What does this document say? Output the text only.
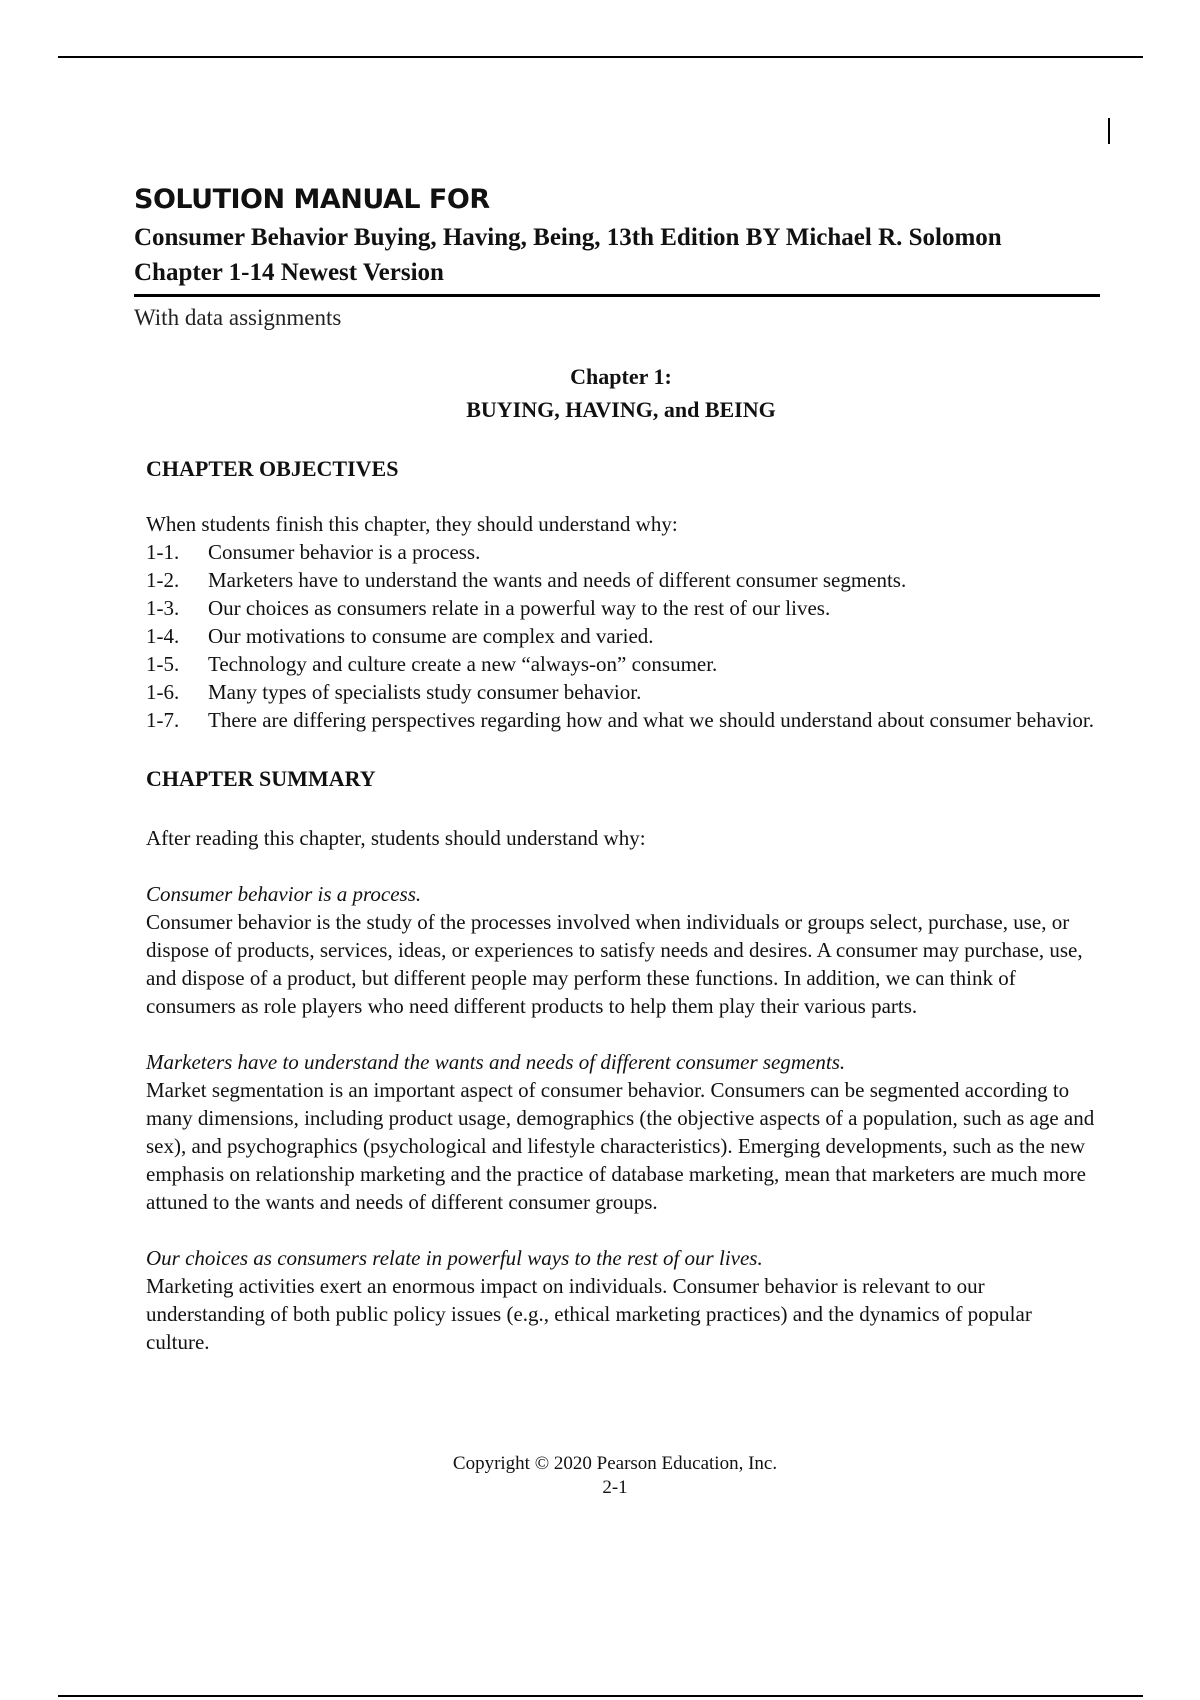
SOLUTION MANUAL FOR

Consumer Behavior Buying, Having, Being, 13th Edition BY Michael R. Solomon

Chapter 1-14 Newest Version

With data assignments

Chapter 1:

BUYING, HAVING, and BEING

CHAPTER OBJECTIVES

When students finish this chapter, they should understand why:

1-1. Consumer behavior is a process.
1-2. Marketers have to understand the wants and needs of different consumer segments.
1-3. Our choices as consumers relate in a powerful way to the rest of our lives.
1-4. Our motivations to consume are complex and varied.
1-5. Technology and culture create a new “always-on” consumer.
1-6. Many types of specialists study consumer behavior.
1-7. There are differing perspectives regarding how and what we should understand about consumer behavior.

CHAPTER SUMMARY

After reading this chapter, students should understand why:

Consumer behavior is a process.

Consumer behavior is the study of the processes involved when individuals or groups select, purchase, use, or dispose of products, services, ideas, or experiences to satisfy needs and desires. A consumer may purchase, use, and dispose of a product, but different people may perform these functions. In addition, we can think of consumers as role players who need different products to help them play their various parts.

Marketers have to understand the wants and needs of different consumer segments.

Market segmentation is an important aspect of consumer behavior. Consumers can be segmented according to many dimensions, including product usage, demographics (the objective aspects of a population, such as age and sex), and psychographics (psychological and lifestyle characteristics). Emerging developments, such as the new emphasis on relationship marketing and the practice of database marketing, mean that marketers are much more attuned to the wants and needs of different consumer groups.

Our choices as consumers relate in powerful ways to the rest of our lives.

Marketing activities exert an enormous impact on individuals. Consumer behavior is relevant to our understanding of both public policy issues (e.g., ethical marketing practices) and the dynamics of popular culture.

Copyright © 2020 Pearson Education, Inc.

2-1
